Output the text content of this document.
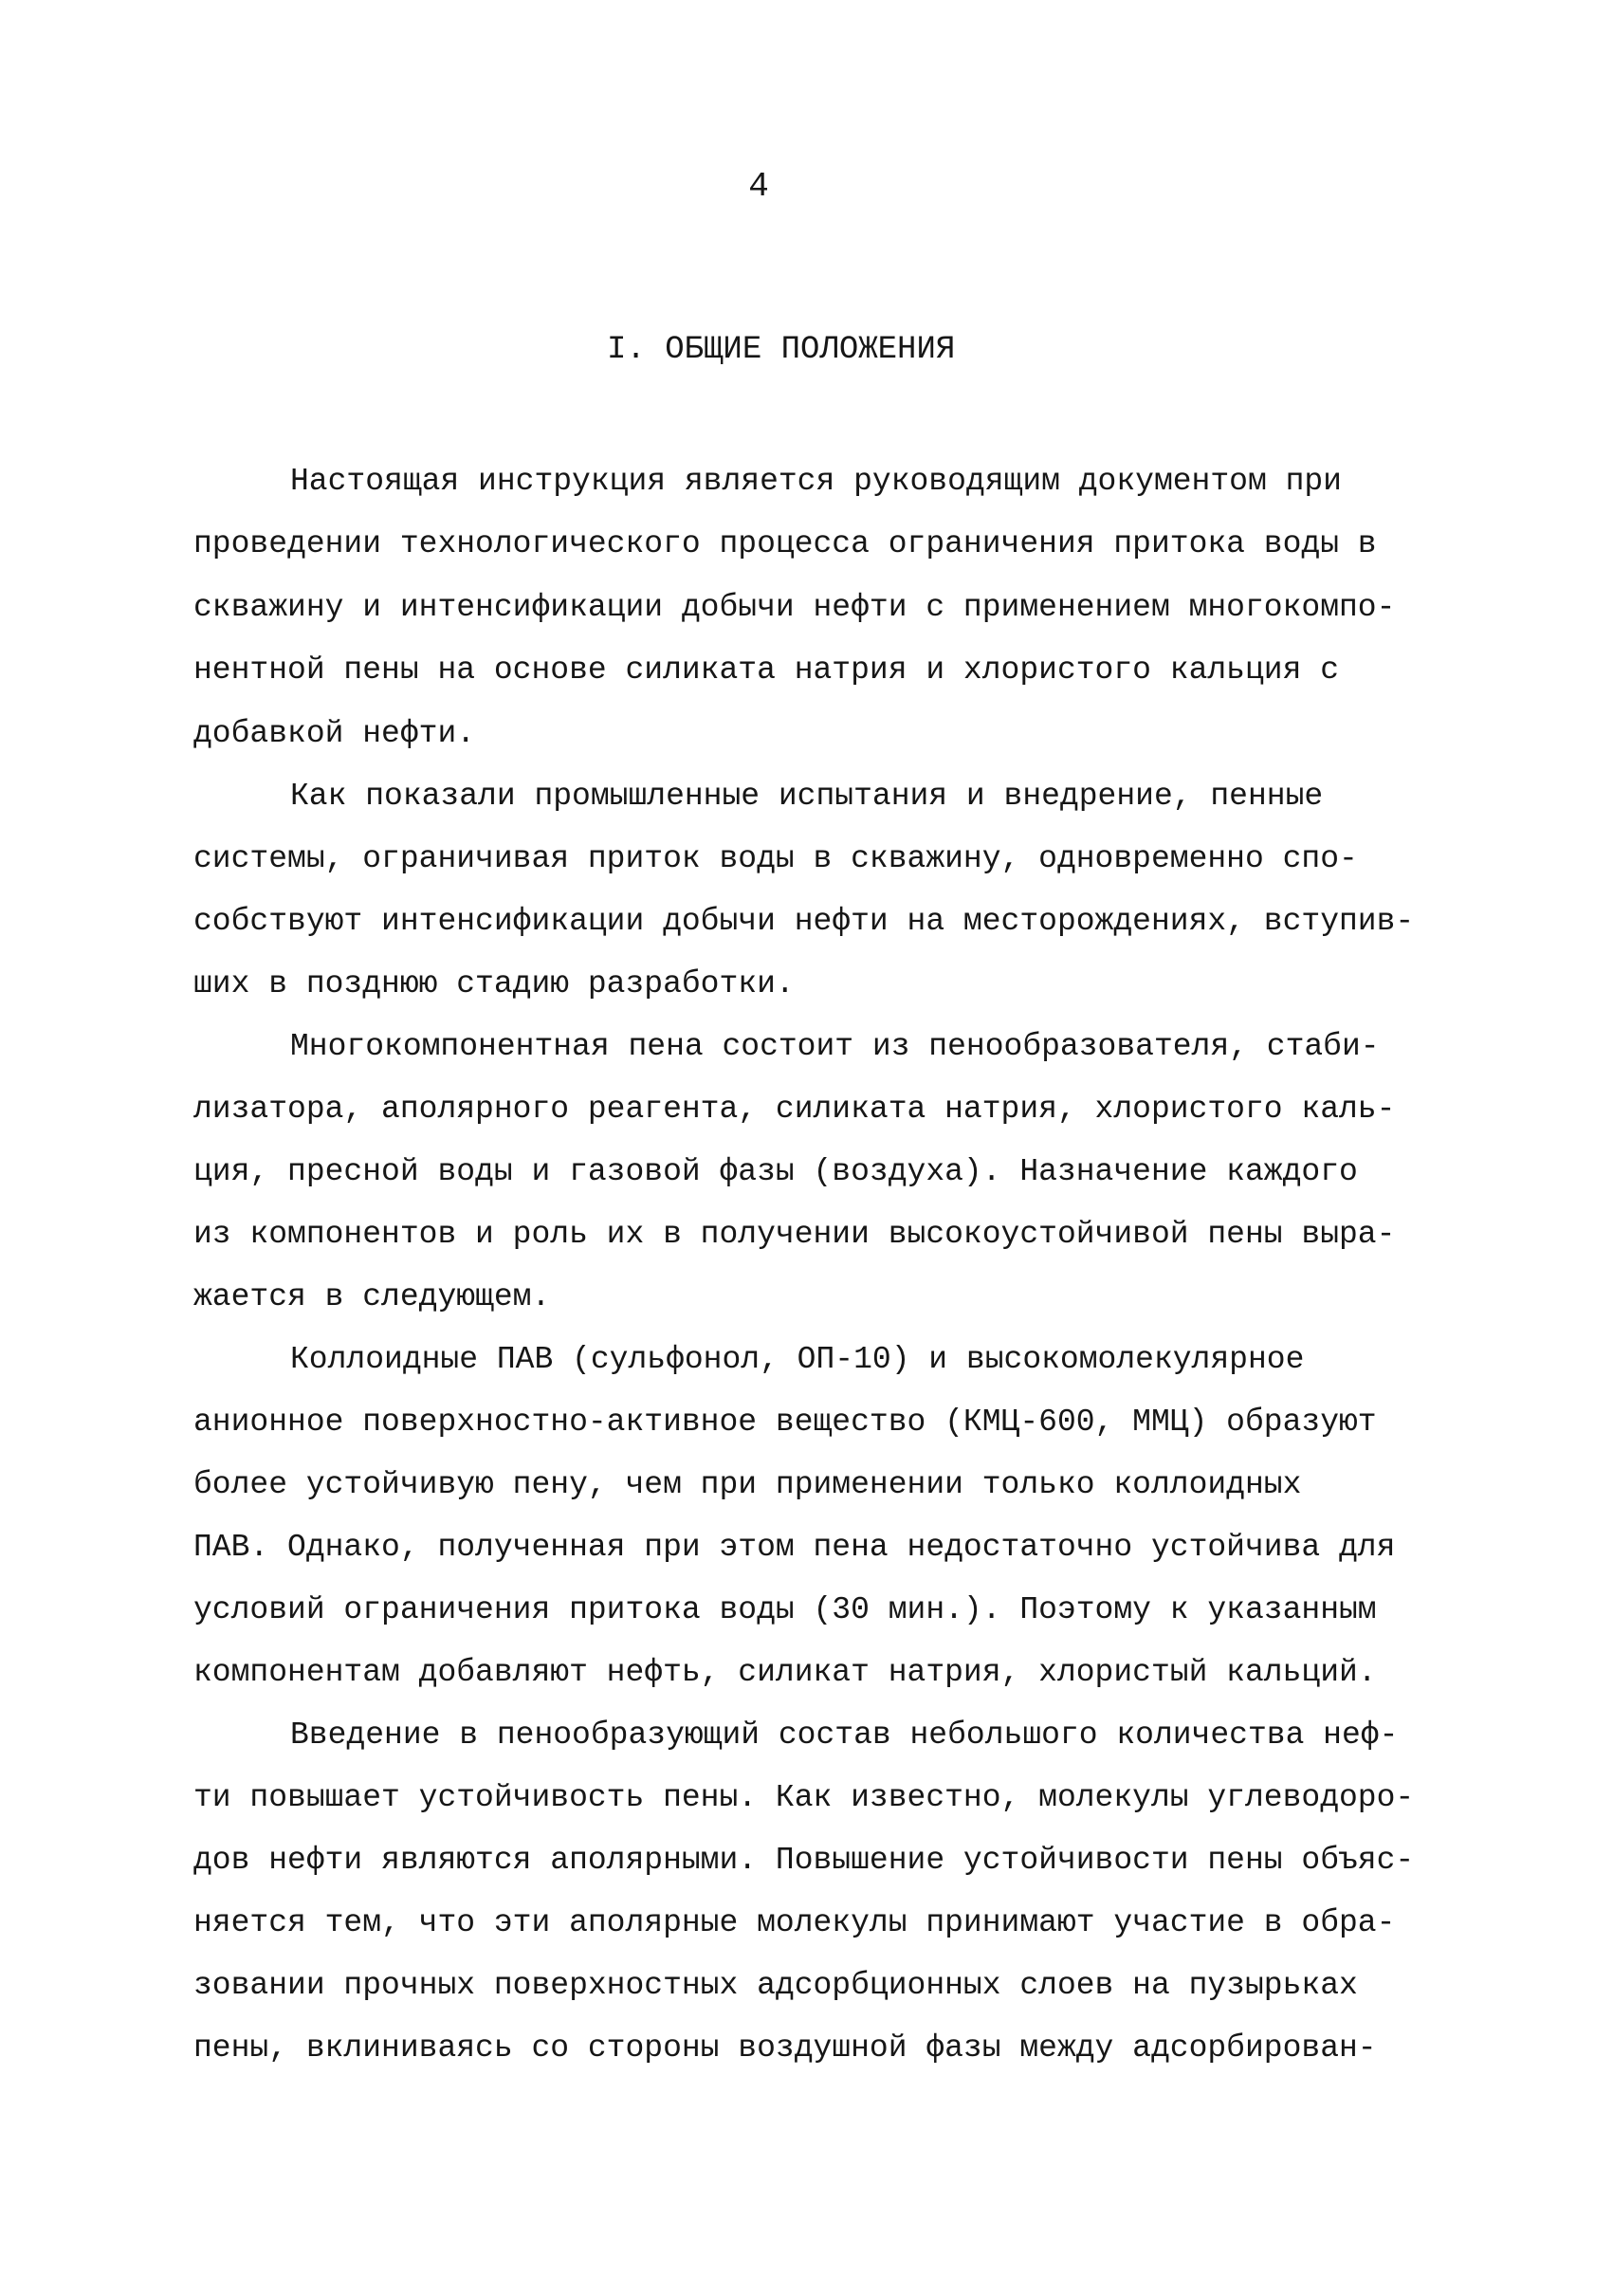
4
I. ОБЩИЕ ПОЛОЖЕНИЯ
Настоящая инструкция является руководящим документом при
проведении технологического процесса ограничения притока воды в
скважину и интенсификации добычи нефти с применением многокомпо-
нентной пены на основе силиката натрия и хлористого кальция с
добавкой нефти.
Как показали промышленные испытания и внедрение, пенные
системы, ограничивая приток воды в скважину, одновременно спо-
собствуют интенсификации добычи нефти на месторождениях, вступив-
ших в позднюю стадию разработки.
Многокомпонентная пена состоит из пенообразователя, стаби-
лизатора, аполярного реагента, силиката натрия, хлористого каль-
ция, пресной воды и газовой фазы (воздуха). Назначение каждого
из компонентов и роль их в получении высокоустойчивой пены выра-
жается в следующем.
Коллоидные ПАВ (сульфонол, ОП-10) и высокомолекулярное
анионное поверхностно-активное вещество (КМЦ-600, ММЦ) образуют
более устойчивую пену, чем при применении только коллоидных
ПАВ. Однако, полученная при этом пена недостаточно устойчива для
условий ограничения притока воды (30 мин.). Поэтому к указанным
компонентам добавляют нефть, силикат натрия, хлористый кальций.
Введение в пенообразующий состав небольшого количества неф-
ти повышает устойчивость пены. Как известно, молекулы углеводоро-
дов нефти являются аполярными. Повышение устойчивости пены объяс-
няется тем, что эти аполярные молекулы принимают участие в обра-
зовании прочных поверхностных адсорбционных слоев на пузырьках
пены, вклиниваясь со стороны воздушной фазы между адсорбирован-
